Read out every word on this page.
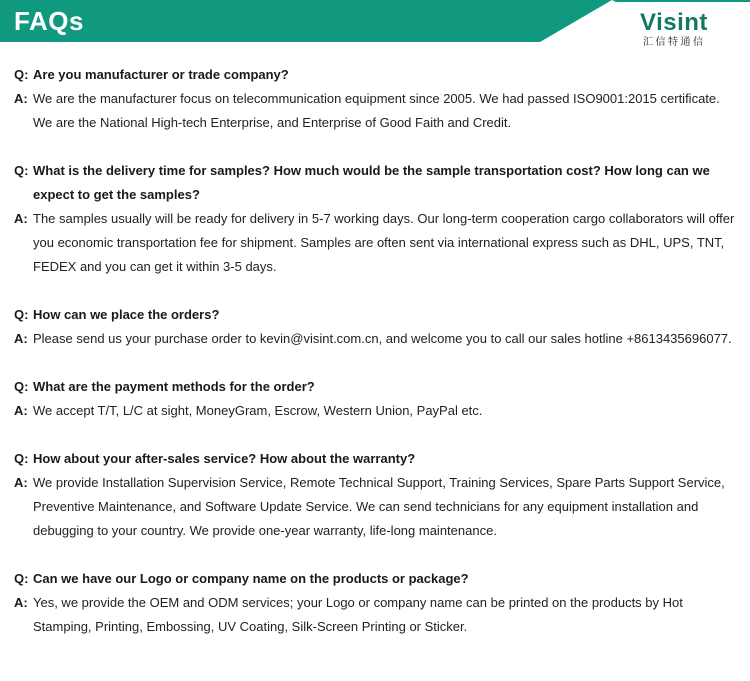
FAQs	Visint
汇信特通信
Q: Are you manufacturer or trade company?
A: We are the manufacturer focus on telecommunication equipment since 2005. We had passed ISO9001:2015 certificate. We are the National High-tech Enterprise, and Enterprise of Good Faith and Credit.
Q: What is the delivery time for samples? How much would be the sample transportation cost? How long can we expect to get the samples?
A: The samples usually will be ready for delivery in 5-7 working days. Our long-term cooperation cargo collaborators will offer you economic transportation fee for shipment. Samples are often sent via international express such as DHL, UPS, TNT, FEDEX and you can get it within 3-5 days.
Q: How can we place the orders?
A: Please send us your purchase order to kevin@visint.com.cn, and welcome you to call our sales hotline +8613435696077.
Q: What are the payment methods for the order?
A: We accept T/T, L/C at sight, MoneyGram, Escrow, Western Union, PayPal etc.
Q: How about your after-sales service? How about the warranty?
A: We provide Installation Supervision Service, Remote Technical Support, Training Services, Spare Parts Support Service, Preventive Maintenance, and Software Update Service. We can send technicians for any equipment installation and debugging to your country. We provide one-year warranty, life-long maintenance.
Q: Can we have our Logo or company name on the products or package?
A: Yes, we provide the OEM and ODM services; your Logo or company name can be printed on the products by Hot Stamping, Printing, Embossing, UV Coating, Silk-Screen Printing or Sticker.
